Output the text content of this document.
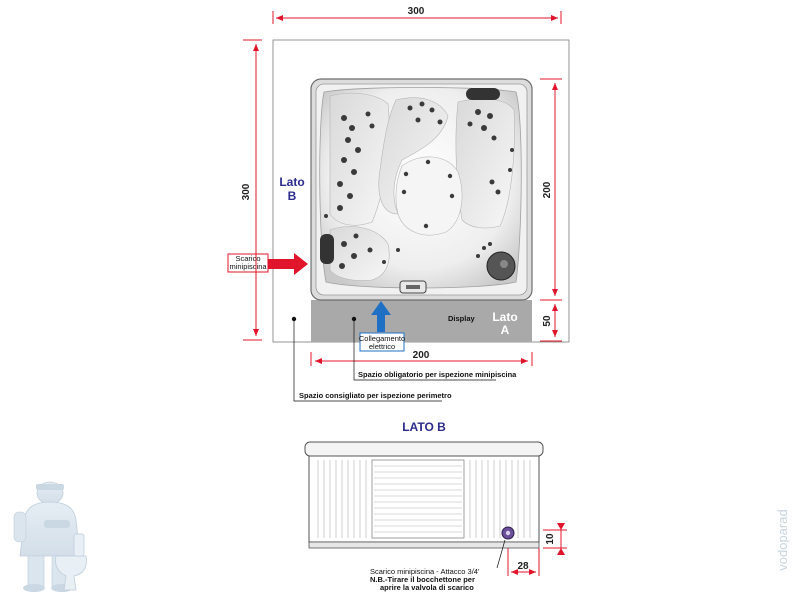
Lato
B
Lato
A
Display
Scarico
minipiscina
Collegamento
elettrico
300
300	200
50
200
Spazio obligatorio per ispezione minipiscina
Spazio consigliato per ispezione perimetro
LATO B
10
28
Scarico minipiscina - Attacco 3/4'
N.B.-Tirare il bocchettone per
aprire la valvola di scarico
vodoparad
